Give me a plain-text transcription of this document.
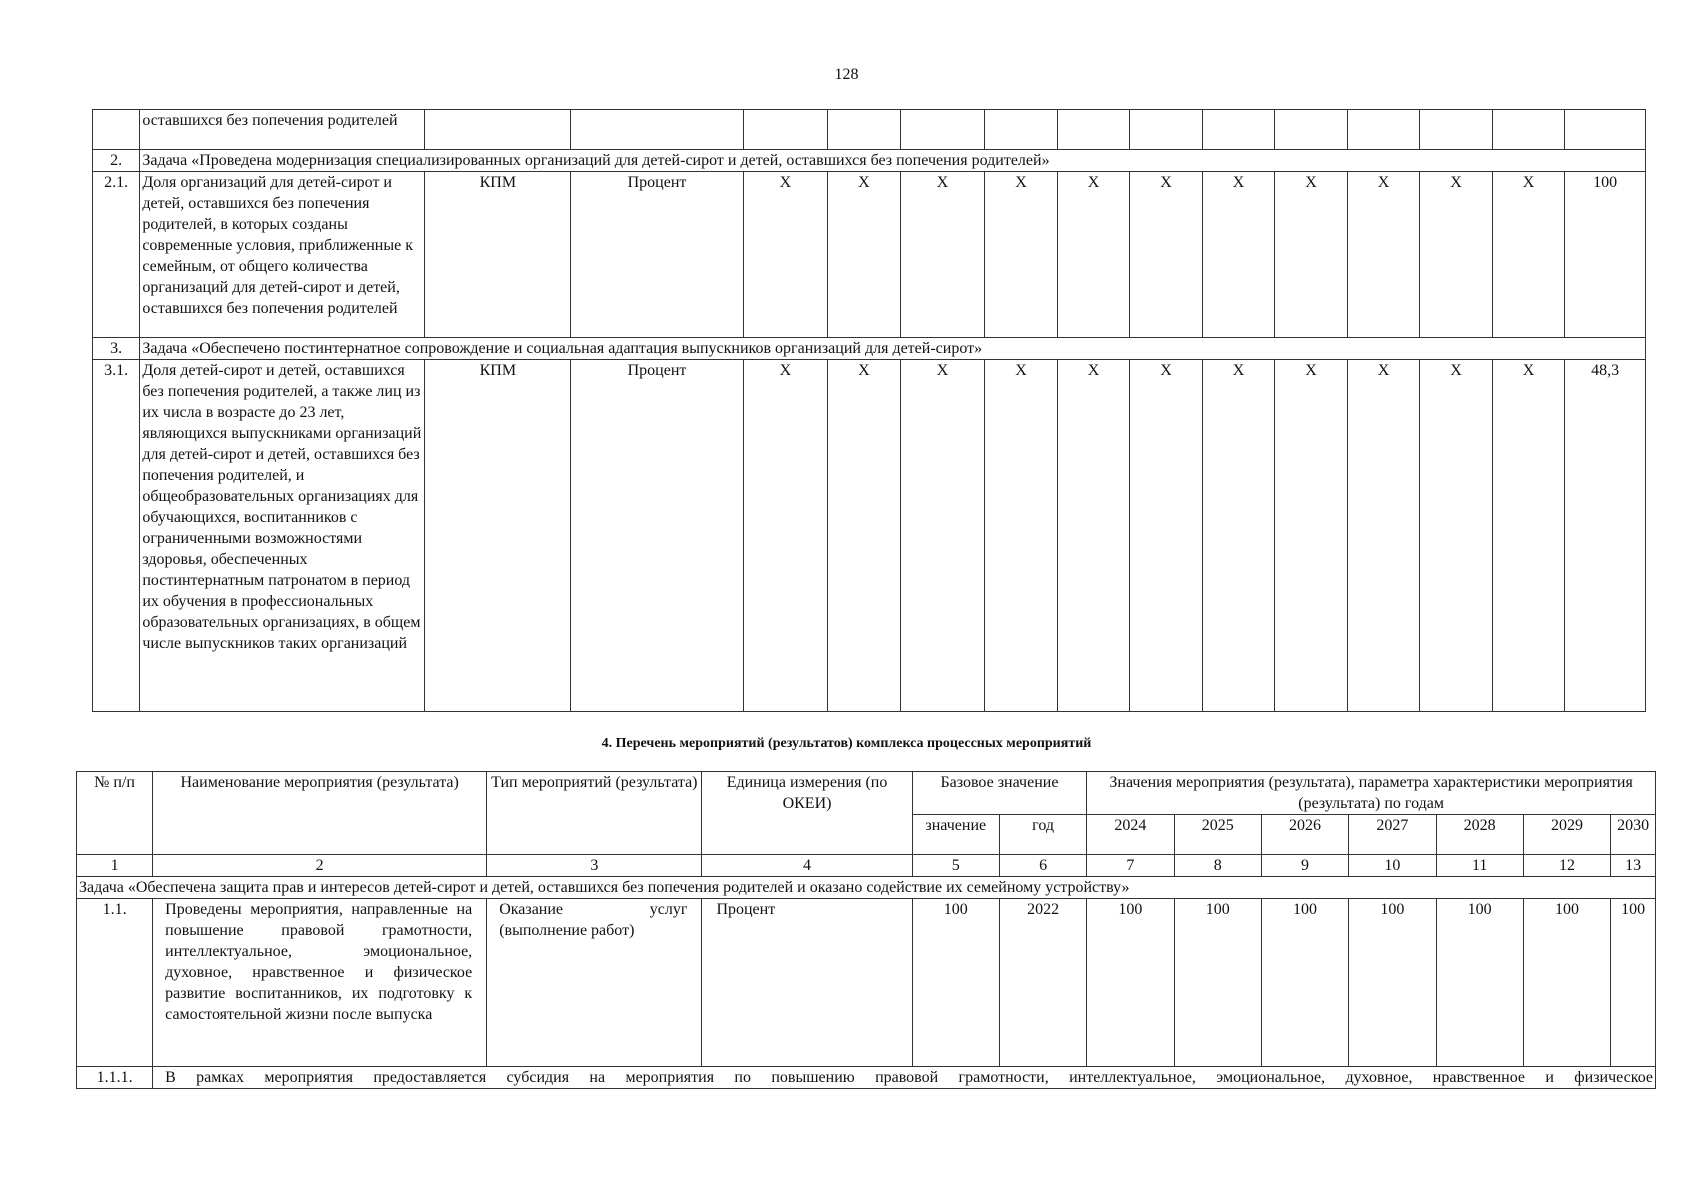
128
	оставшихся без попечения родителей														
2.	Задача «Проведена модернизация специализированных организаций для детей-сирот и детей, оставшихся без попечения родителей»														
2.1.	Доля организаций для детей-сирот и детей, оставшихся без попечения родителей, в которых созданы современные условия, приближенные к семейным, от общего количества организаций для детей-сирот и детей, оставшихся без попечения родителей	КПМ	Процент	X	X	X	X	X	X	X	X	X	X	X	100
3.	Задача «Обеспечено постинтернатное сопровождение и социальная адаптация выпускников организаций для детей-сирот»														
3.1.	Доля детей-сирот и детей, оставшихся без попечения родителей, а также лиц из их числа в возрасте до 23 лет, являющихся выпускниками организаций для детей-сирот и детей, оставшихся без попечения родителей, и общеобразовательных организациях для обучающихся, воспитанников с ограниченными возможностями здоровья, обеспеченных постинтернатным патронатом в период их обучения в профессиональных образовательных организациях, в общем числе выпускников таких организаций	КПМ	Процент	X	X	X	X	X	X	X	X	X	X	X	48,3
4. Перечень мероприятий (результатов) комплекса процессных мероприятий
№ п/п	Наименование мероприятия (результата)	Тип мероприятий (результата)	Единица измерения (по ОКЕИ)	Базовое значение		Значения мероприятия (результата), параметра характеристики мероприятия (результата) по годам						
				значение	год	2024	2025	2026	2027	2028	2029	2030
1	2	3	4	5	6	7	8	9	10	11	12	13
Задача «Обеспечена защита прав и интересов детей-сирот и детей, оставшихся без попечения родителей и оказано содействие их семейному устройству»												
1.1.	Проведены мероприятия, направленные на повышение правовой грамотности, интеллектуальное, эмоциональное, духовное, нравственное и физическое развитие воспитанников, их подготовку к самостоятельной жизни после выпуска	Оказание услуг (выполнение работ)	Процент	100	2022	100	100	100	100	100	100	100
1.1.1.	В рамках мероприятия предоставляется субсидия на мероприятия по повышению правовой грамотности, интеллектуальное, эмоциональное, духовное, нравственное и физическое											
